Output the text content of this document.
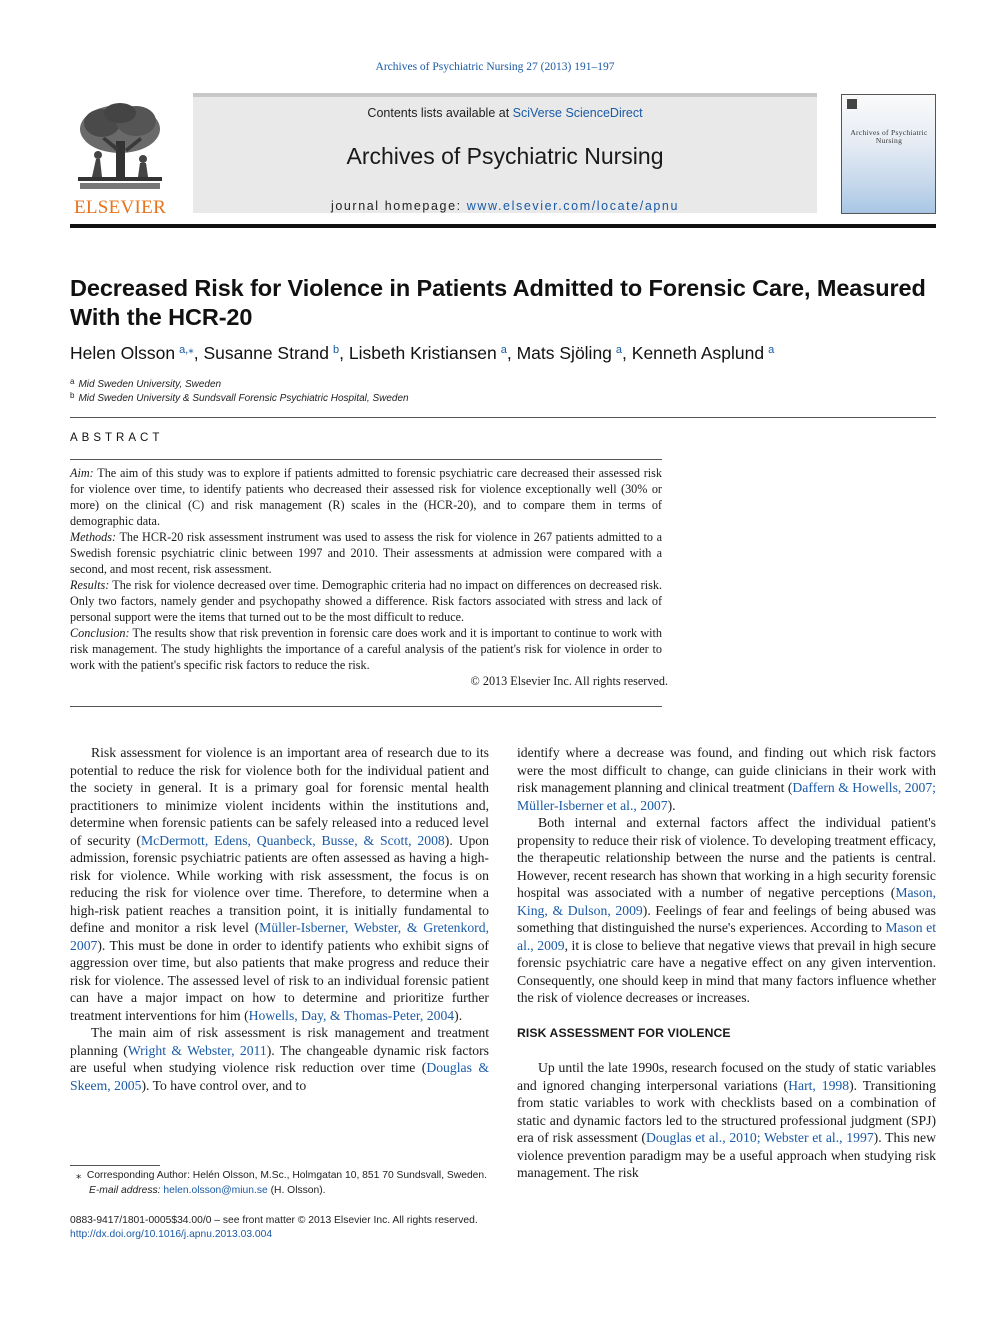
Archives of Psychiatric Nursing 27 (2013) 191–197
ELSEVIER
Contents lists available at SciVerse ScienceDirect
Archives of Psychiatric Nursing
journal homepage: www.elsevier.com/locate/apnu
Archives of Psychiatric Nursing
Decreased Risk for Violence in Patients Admitted to Forensic Care, Measured With the HCR-20
Helen Olsson $^{a,⁎}$, Susanne Strand $^b$, Lisbeth Kristiansen $^a$, Mats Sjöling $^a$, Kenneth Asplund $^a$
$^a$ Mid Sweden University, Sweden
$^b$ Mid Sweden University & Sundsvall Forensic Psychiatric Hospital, Sweden
ABSTRACT
Aim: The aim of this study was to explore if patients admitted to forensic psychiatric care decreased their assessed risk for violence over time, to identify patients who decreased their assessed risk for violence exceptionally well (30% or more) on the clinical (C) and risk management (R) scales in the (HCR-20), and to compare them in terms of demographic data.
Methods: The HCR-20 risk assessment instrument was used to assess the risk for violence in 267 patients admitted to a Swedish forensic psychiatric clinic between 1997 and 2010. Their assessments at admission were compared with a second, and most recent, risk assessment.
Results: The risk for violence decreased over time. Demographic criteria had no impact on differences on decreased risk. Only two factors, namely gender and psychopathy showed a difference. Risk factors associated with stress and lack of personal support were the items that turned out to be the most difficult to reduce.
Conclusion: The results show that risk prevention in forensic care does work and it is important to continue to work with risk management. The study highlights the importance of a careful analysis of the patient's risk for violence in order to work with the patient's specific risk factors to reduce the risk.
© 2013 Elsevier Inc. All rights reserved.

Risk assessment for violence is an important area of research due to its potential to reduce the risk for violence both for the individual patient and the society in general. It is a primary goal for forensic mental health practitioners to minimize violent incidents within the institutions and, determine when forensic patients can be safely released into a reduced level of security (McDermott, Edens, Quanbeck, Busse, & Scott, 2008). Upon admission, forensic psychiatric patients are often assessed as having a high-risk for violence. While working with risk assessment, the focus is on reducing the risk for violence over time. Therefore, to determine when a high-risk patient reaches a transition point, it is initially fundamental to define and monitor a risk level (Müller-Isberner, Webster, & Gretenkord, 2007). This must be done in order to identify patients who exhibit signs of aggression over time, but also patients that make progress and reduce their risk for violence. The assessed level of risk to an individual forensic patient can have a major impact on how to determine and prioritize further treatment interventions for him (Howells, Day, & Thomas-Peter, 2004).

The main aim of risk assessment is risk management and treatment planning (Wright & Webster, 2011). The changeable dynamic risk factors are useful when studying violence risk reduction over time (Douglas & Skeem, 2005). To have control over, and to

identify where a decrease was found, and finding out which risk factors were the most difficult to change, can guide clinicians in their work with risk management planning and clinical treatment (Daffern & Howells, 2007; Müller-Isberner et al., 2007).

Both internal and external factors affect the individual patient's propensity to reduce their risk of violence. To developing treatment efficacy, the therapeutic relationship between the nurse and the patients is central. However, recent research has shown that working in a high security forensic hospital was associated with a number of negative perceptions (Mason, King, & Dulson, 2009). Feelings of fear and feelings of being abused was something that distinguished the nurse's experiences. According to Mason et al., 2009, it is close to believe that negative views that prevail in high secure forensic psychiatric care have a negative effect on any given intervention. Consequently, one should keep in mind that many factors influence whether the risk of violence decreases or increases.

RISK ASSESSMENT FOR VIOLENCE

Up until the late 1990s, research focused on the study of static variables and ignored changing interpersonal variations (Hart, 1998). Transitioning from static variables to work with checklists based on a combination of static and dynamic factors led to the structured professional judgment (SPJ) era of risk assessment (Douglas et al., 2010; Webster et al., 1997). This new violence prevention paradigm may be a useful approach when studying risk management. The risk

⁎ Corresponding Author: Helén Olsson, M.Sc., Holmgatan 10, 851 70 Sundsvall, Sweden.
E-mail address: helen.olsson@miun.se (H. Olsson).
0883-9417/1801-0005$34.00/0 – see front matter © 2013 Elsevier Inc. All rights reserved.
http://dx.doi.org/10.1016/j.apnu.2013.03.004
